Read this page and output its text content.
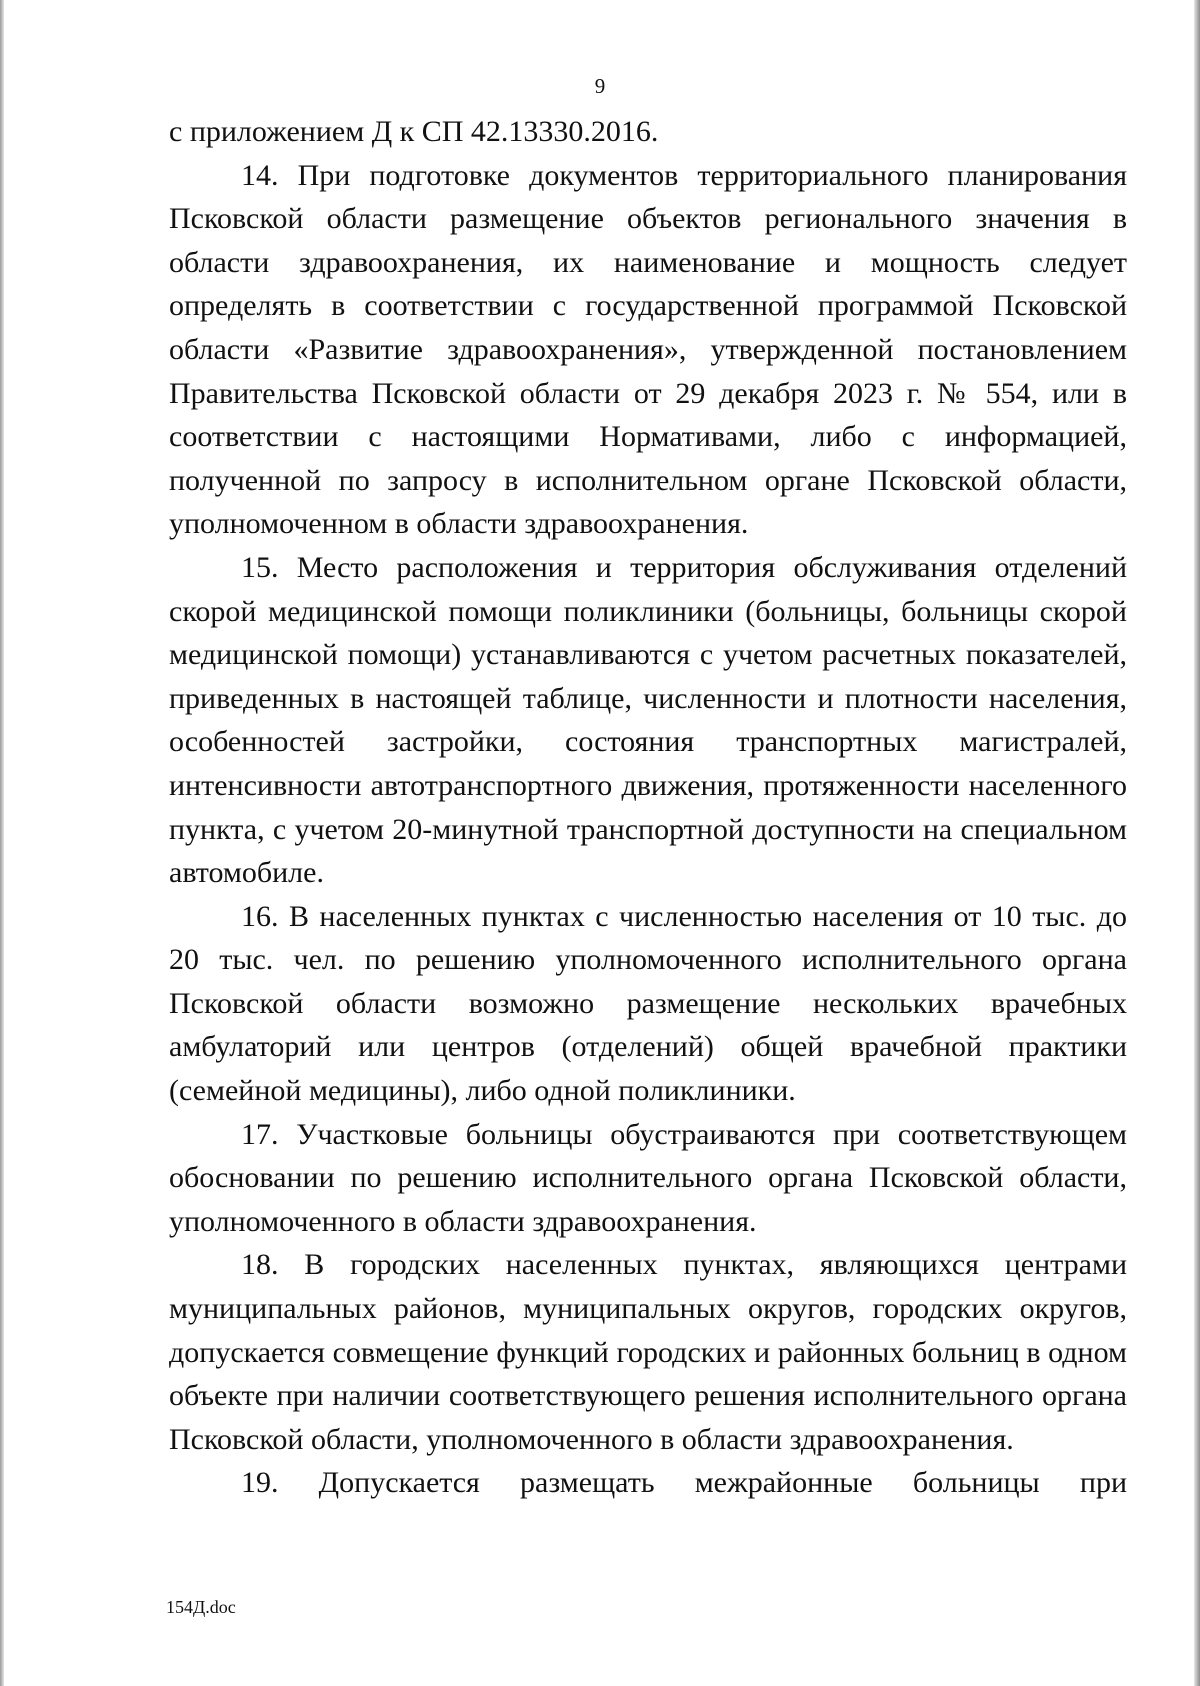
9

с приложением Д к СП 42.13330.2016.

14. При подготовке документов территориального планирования Псковской области размещение объектов регионального значения в области здравоохранения, их наименование и мощность следует определять в соответствии с государственной программой Псковской области «Развитие здравоохранения», утвержденной постановлением Правительства Псковской области от 29 декабря 2023 г. № 554, или в соответствии с настоящими Нормативами, либо с информацией, полученной по запросу в исполнительном органе Псковской области, уполномоченном в области здравоохранения.

15. Место расположения и территория обслуживания отделений скорой медицинской помощи поликлиники (больницы, больницы скорой медицинской помощи) устанавливаются с учетом расчетных показателей, приведенных в настоящей таблице, численности и плотности населения, особенностей застройки, состояния транспортных магистралей, интенсивности автотранспортного движения, протяженности населенного пункта, с учетом 20-минутной транспортной доступности на специальном автомобиле.

16. В населенных пунктах с численностью населения от 10 тыс. до 20 тыс. чел. по решению уполномоченного исполнительного органа Псковской области возможно размещение нескольких врачебных амбулаторий или центров (отделений) общей врачебной практики (семейной медицины), либо одной поликлиники.

17. Участковые больницы обустраиваются при соответствующем обосновании по решению исполнительного органа Псковской области, уполномоченного в области здравоохранения.

18. В городских населенных пунктах, являющихся центрами муниципальных районов, муниципальных округов, городских округов, допускается совмещение функций городских и районных больниц в одном объекте при наличии соответствующего решения исполнительного органа Псковской области, уполномоченного в области здравоохранения.

19. Допускается размещать межрайонные больницы при

154Д.doc
